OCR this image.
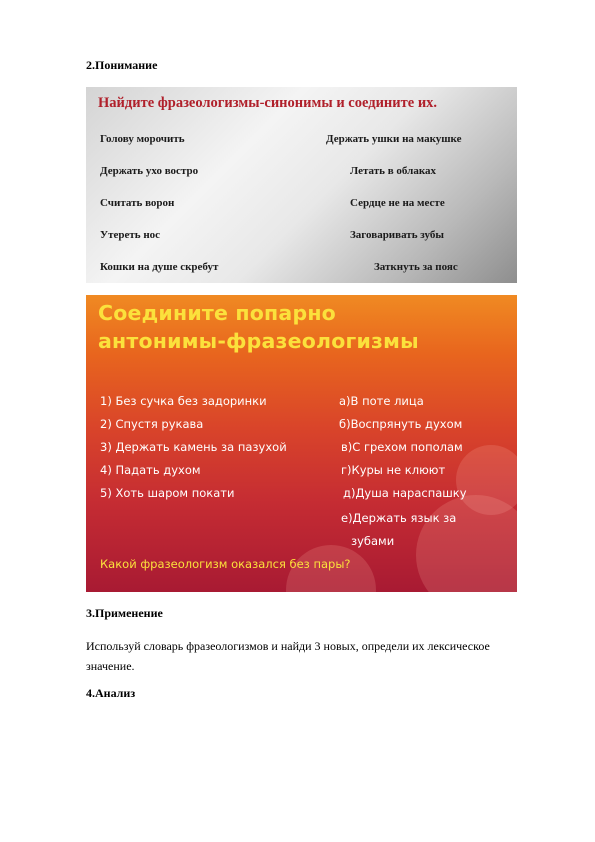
2.Понимание
Найдите фразеологизмы-синонимы и соедините их.
Голову морочить
Держать ухо востро
Считать ворон
Утереть нос
Кошки на душе скребут
Держать ушки на макушке
Летать в облаках
Сердце не на месте
Заговаривать зубы
Заткнуть за пояс
Соедините попарно
антонимы-фразеологизмы
1) Без сучка без задоринки
2) Спустя рукава
3) Держать камень за пазухой
4) Падать духом
5) Хоть шаром покати
а)В поте лица
б)Воспрянуть духом
в)С грехом пополам
г)Куры не клюют
д)Душа нараспашку
е)Держать язык за
зубами
Какой фразеологизм оказался без пары?
3.Применение
Используй словарь фразеологизмов и найди 3 новых, определи их лексическое значение.
4.Анализ
